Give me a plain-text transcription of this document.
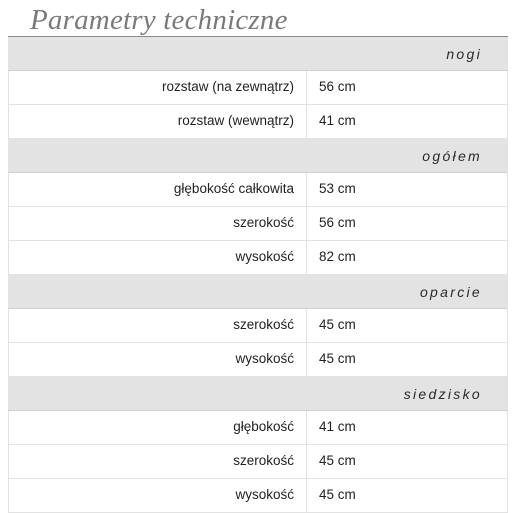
Parametry techniczne
nogi
rozstaw (na zewnątrz)	56 cm
rozstaw (wewnątrz)	41 cm
ogółem
głębokość całkowita	53 cm
szerokość	56 cm
wysokość	82 cm
oparcie
szerokość	45 cm
wysokość	45 cm
siedzisko
głębokość	41 cm
szerokość	45 cm
wysokość	45 cm
